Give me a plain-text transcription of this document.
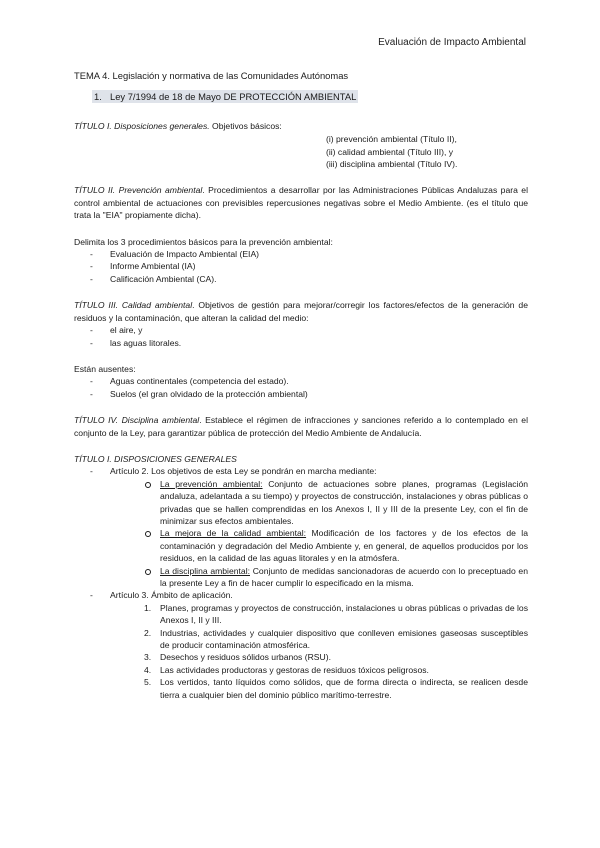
Evaluación de Impacto Ambiental
TEMA 4. Legislación y normativa de las Comunidades Autónomas
1. Ley 7/1994 de 18 de Mayo DE PROTECCIÓN AMBIENTAL

TÍTULO I. Disposiciones generales. Objetivos básicos:

(i) prevención ambiental (Título II),
(ii) calidad ambiental (Título III), y
(iii) disciplina ambiental (Título IV).

TÍTULO II. Prevención ambiental. Procedimientos a desarrollar por las Administraciones Públicas Andaluzas para el control ambiental de actuaciones con previsibles repercusiones negativas sobre el Medio Ambiente. (es el título que trata la "EIA" propiamente dicha).

Delimita los 3 procedimientos básicos para la prevención ambiental:

- Evaluación de Impacto Ambiental (EIA)
- Informe Ambiental (IA)
- Calificación Ambiental (CA).

TÍTULO III. Calidad ambiental. Objetivos de gestión para mejorar/corregir los factores/efectos de la generación de residuos y la contaminación, que alteran la calidad del medio:

- el aire, y
- las aguas litorales.

Están ausentes:

- Aguas continentales (competencia del estado).
- Suelos (el gran olvidado de la protección ambiental)

TÍTULO IV. Disciplina ambiental. Establece el régimen de infracciones y sanciones referido a lo contemplado en el conjunto de la Ley, para garantizar pública de protección del Medio Ambiente de Andalucía.

TÍTULO I. DISPOSICIONES GENERALES

- Artículo 2. Los objetivos de esta Ley se pondrán en marcha mediante:
La prevención ambiental: Conjunto de actuaciones sobre planes, programas (Legislación andaluza, adelantada a su tiempo) y proyectos de construcción, instalaciones y obras públicas o privadas que se hallen comprendidas en los Anexos I, II y III de la presente Ley, con el fin de minimizar sus efectos ambientales.
La mejora de la calidad ambiental: Modificación de los factores y de los efectos de la contaminación y degradación del Medio Ambiente y, en general, de aquellos producidos por los residuos, en la calidad de las aguas litorales y en la atmósfera.
La disciplina ambiental: Conjunto de medidas sancionadoras de acuerdo con lo preceptuado en la presente Ley a fin de hacer cumplir lo especificado en la misma.
- Artículo 3. Ámbito de aplicación.
1. Planes, programas y proyectos de construcción, instalaciones u obras públicas o privadas de los Anexos I, II y III.
2. Industrias, actividades y cualquier dispositivo que conlleven emisiones gaseosas susceptibles de producir contaminación atmosférica.
3. Desechos y residuos sólidos urbanos (RSU).
4. Las actividades productoras y gestoras de residuos tóxicos peligrosos.
5. Los vertidos, tanto líquidos como sólidos, que de forma directa o indirecta, se realicen desde tierra a cualquier bien del dominio público marítimo-terrestre.
